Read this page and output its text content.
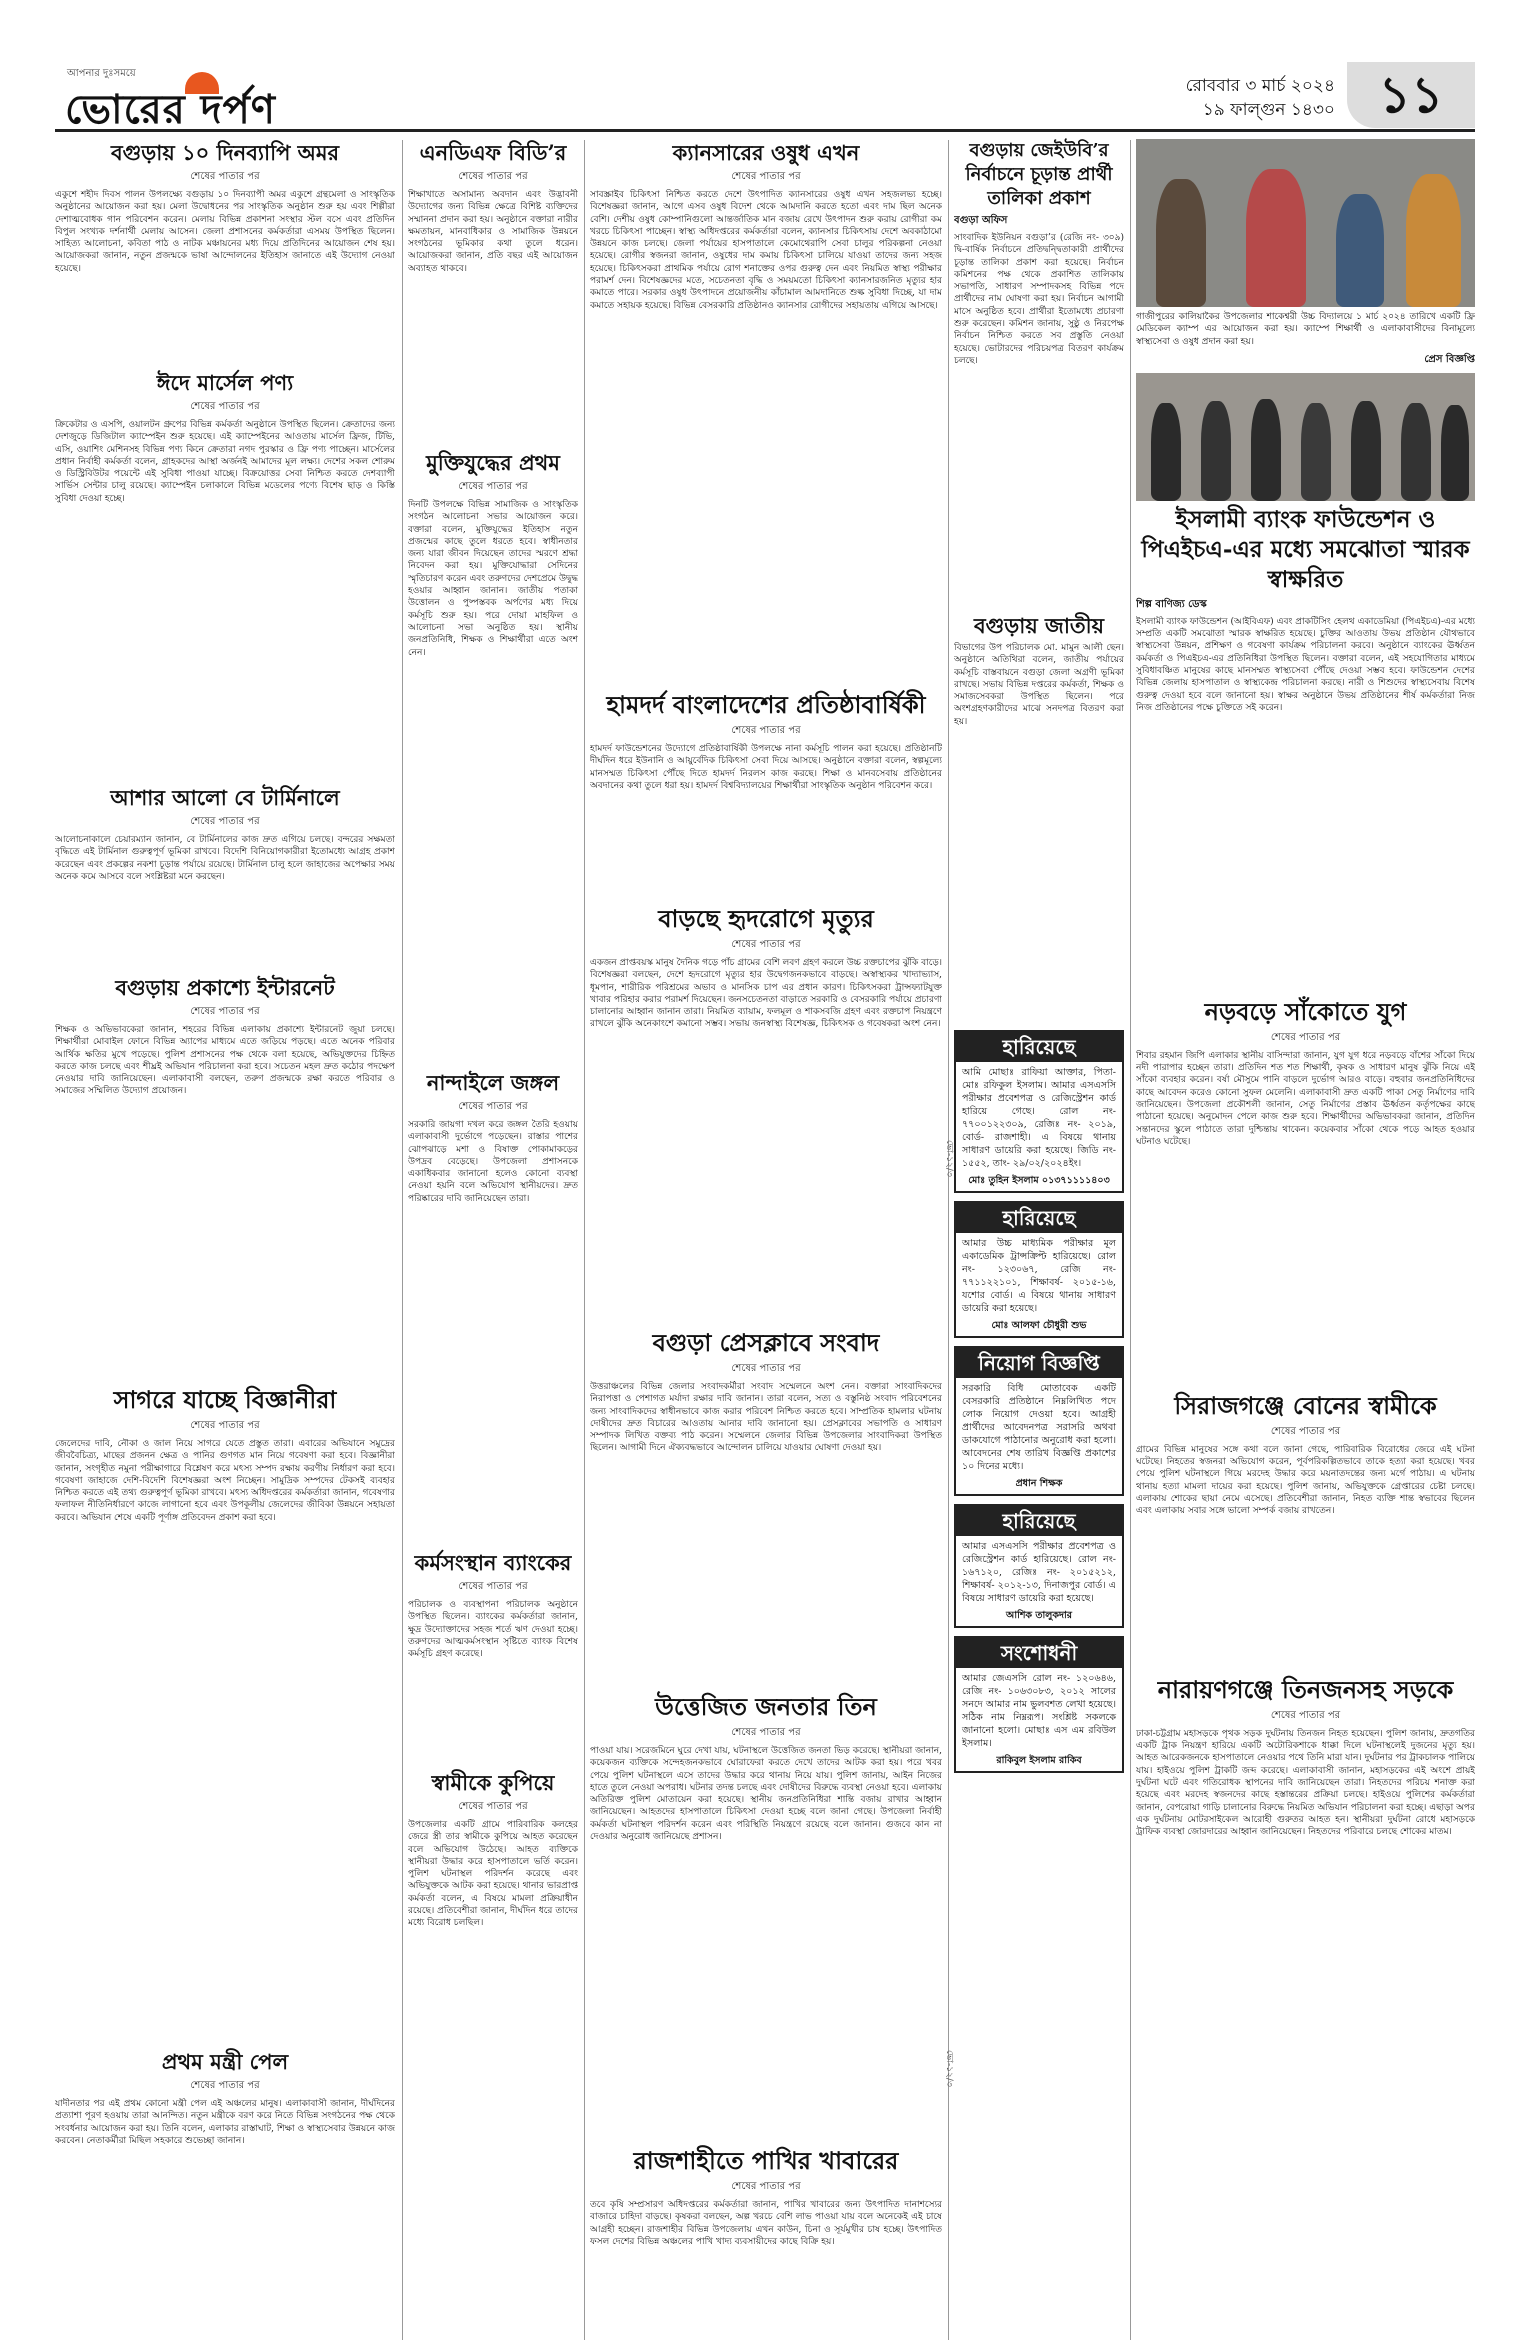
আপনার দুঃসময়ে
ভোরের দর্পণ	রোববার ৩ মার্চ ২০২৪
১৯ ফাল্গুন ১৪৩০ ১১
বগুড়ায় ১০ দিনব্যাপি অমর
শেষের পাতার পর
একুশে শহীদ দিবস পালন উপলক্ষ্যে বগুড়ায় ১০ দিনব্যাপী অমর একুশে গ্রন্থমেলা ও সাংস্কৃতিক অনুষ্ঠানের আয়োজন করা হয়। মেলা উদ্বোধনের পর সাংস্কৃতিক অনুষ্ঠান শুরু হয় এবং শিল্পীরা দেশাত্মবোধক গান পরিবেশন করেন। মেলায় বিভিন্ন প্রকাশনা সংস্থার স্টল বসে এবং প্রতিদিন বিপুল সংখ্যক দর্শনার্থী মেলায় আসেন। জেলা প্রশাসনের কর্মকর্তারা এসময় উপস্থিত ছিলেন। সাহিত্য আলোচনা, কবিতা পাঠ ও নাটক মঞ্চায়নের মধ্য দিয়ে প্রতিদিনের আয়োজন শেষ হয়। আয়োজকরা জানান, নতুন প্রজন্মকে ভাষা আন্দোলনের ইতিহাস জানাতে এই উদ্যোগ নেওয়া হয়েছে।
ঈদে মার্সেল পণ্য
শেষের পাতার পর
ক্রিকেটার ও এসপি, ওয়ালটন গ্রুপের বিভিন্ন কর্মকর্তা অনুষ্ঠানে উপস্থিত ছিলেন। ক্রেতাদের জন্য দেশজুড়ে ডিজিটাল ক্যাম্পেইন শুরু হয়েছে। এই ক্যাম্পেইনের আওতায় মার্সেল ফ্রিজ, টিভি, এসি, ওয়াশিং মেশিনসহ বিভিন্ন পণ্য কিনে ক্রেতারা নগদ পুরস্কার ও ফ্রি পণ্য পাচ্ছেন। মার্সেলের প্রধান নির্বাহী কর্মকর্তা বলেন, গ্রাহকদের আস্থা অর্জনই আমাদের মূল লক্ষ্য। দেশের সকল শোরুম ও ডিস্ট্রিবিউটর পয়েন্টে এই সুবিধা পাওয়া যাচ্ছে। বিক্রয়োত্তর সেবা নিশ্চিত করতে দেশব্যাপী সার্ভিস সেন্টার চালু রয়েছে। ক্যাম্পেইন চলাকালে বিভিন্ন মডেলের পণ্যে বিশেষ ছাড় ও কিস্তি সুবিধা দেওয়া হচ্ছে।
আশার আলো বে টার্মিনালে
শেষের পাতার পর
আলোচনাকালে চেয়ারম্যান জানান, বে টার্মিনালের কাজ দ্রুত এগিয়ে চলছে। বন্দরের সক্ষমতা বৃদ্ধিতে এই টার্মিনাল গুরুত্বপূর্ণ ভূমিকা রাখবে। বিদেশি বিনিয়োগকারীরা ইতোমধ্যে আগ্রহ প্রকাশ করেছেন এবং প্রকল্পের নকশা চূড়ান্ত পর্যায়ে রয়েছে। টার্মিনাল চালু হলে জাহাজের অপেক্ষার সময় অনেক কমে আসবে বলে সংশ্লিষ্টরা মনে করছেন।
বগুড়ায় প্রকাশ্যে ইন্টারনেট
শেষের পাতার পর
শিক্ষক ও অভিভাবকেরা জানান, শহরের বিভিন্ন এলাকায় প্রকাশ্যে ইন্টারনেট জুয়া চলছে। শিক্ষার্থীরা মোবাইল ফোনে বিভিন্ন অ্যাপের মাধ্যমে এতে জড়িয়ে পড়ছে। এতে অনেক পরিবার আর্থিক ক্ষতির মুখে পড়েছে। পুলিশ প্রশাসনের পক্ষ থেকে বলা হয়েছে, অভিযুক্তদের চিহ্নিত করতে কাজ চলছে এবং শীঘ্রই অভিযান পরিচালনা করা হবে। সচেতন মহল দ্রুত কঠোর পদক্ষেপ নেওয়ার দাবি জানিয়েছেন। এলাকাবাসী বলছেন, তরুণ প্রজন্মকে রক্ষা করতে পরিবার ও সমাজের সম্মিলিত উদ্যোগ প্রয়োজন।
সাগরে যাচ্ছে বিজ্ঞানীরা
শেষের পাতার পর
জেলেদের দাবি, নৌকা ও জাল নিয়ে সাগরে যেতে প্রস্তুত তারা। এবারের অভিযানে সমুদ্রের জীববৈচিত্র্য, মাছের প্রজনন ক্ষেত্র ও পানির গুণগত মান নিয়ে গবেষণা করা হবে। বিজ্ঞানীরা জানান, সংগৃহীত নমুনা পরীক্ষাগারে বিশ্লেষণ করে মৎস্য সম্পদ রক্ষায় করণীয় নির্ধারণ করা হবে। গবেষণা জাহাজে দেশি-বিদেশি বিশেষজ্ঞরা অংশ নিচ্ছেন। সামুদ্রিক সম্পদের টেকসই ব্যবহার নিশ্চিত করতে এই তথ্য গুরুত্বপূর্ণ ভূমিকা রাখবে। মৎস্য অধিদপ্তরের কর্মকর্তারা জানান, গবেষণার ফলাফল নীতিনির্ধারণে কাজে লাগানো হবে এবং উপকূলীয় জেলেদের জীবিকা উন্নয়নে সহায়তা করবে। অভিযান শেষে একটি পূর্ণাঙ্গ প্রতিবেদন প্রকাশ করা হবে।
প্রথম মন্ত্রী পেল
শেষের পাতার পর
যাদীনতার পর এই প্রথম কোনো মন্ত্রী পেল এই অঞ্চলের মানুষ। এলাকাবাসী জানান, দীর্ঘদিনের প্রত্যাশা পূরণ হওয়ায় তারা আনন্দিত। নতুন মন্ত্রীকে বরণ করে নিতে বিভিন্ন সংগঠনের পক্ষ থেকে সংবর্ধনার আয়োজন করা হয়। তিনি বলেন, এলাকার রাস্তাঘাট, শিক্ষা ও স্বাস্থ্যসেবার উন্নয়নে কাজ করবেন। নেতাকর্মীরা মিছিল সহকারে শুভেচ্ছা জানান।
এনডিএফ বিডি’র
শেষের পাতার পর
শিক্ষাখাতে অসামান্য অবদান এবং উদ্ভাবনী উদ্যোগের জন্য বিভিন্ন ক্ষেত্রে বিশিষ্ট ব্যক্তিদের সম্মাননা প্রদান করা হয়। অনুষ্ঠানে বক্তারা নারীর ক্ষমতায়ন, মানবাধিকার ও সামাজিক উন্নয়নে সংগঠনের ভূমিকার কথা তুলে ধরেন। আয়োজকরা জানান, প্রতি বছর এই আয়োজন অব্যাহত থাকবে।
মুক্তিযুদ্ধের প্রথম
শেষের পাতার পর
দিনটি উপলক্ষে বিভিন্ন সামাজিক ও সাংস্কৃতিক সংগঠন আলোচনা সভার আয়োজন করে। বক্তারা বলেন, মুক্তিযুদ্ধের ইতিহাস নতুন প্রজন্মের কাছে তুলে ধরতে হবে। স্বাধীনতার জন্য যারা জীবন দিয়েছেন তাদের স্মরণে শ্রদ্ধা নিবেদন করা হয়। মুক্তিযোদ্ধারা সেদিনের স্মৃতিচারণ করেন এবং তরুণদের দেশপ্রেমে উদ্বুদ্ধ হওয়ার আহ্বান জানান। জাতীয় পতাকা উত্তোলন ও পুষ্পস্তবক অর্পণের মধ্য দিয়ে কর্মসূচি শুরু হয়। পরে দোয়া মাহফিল ও আলোচনা সভা অনুষ্ঠিত হয়। স্থানীয় জনপ্রতিনিধি, শিক্ষক ও শিক্ষার্থীরা এতে অংশ নেন।
নান্দাইলে জঙ্গল
শেষের পাতার পর
সরকারি জায়গা দখল করে জঙ্গল তৈরি হওয়ায় এলাকাবাসী দুর্ভোগে পড়েছেন। রাস্তার পাশের ঝোপঝাড়ে মশা ও বিষাক্ত পোকামাকড়ের উপদ্রব বেড়েছে। উপজেলা প্রশাসনকে একাধিকবার জানানো হলেও কোনো ব্যবস্থা নেওয়া হয়নি বলে অভিযোগ স্থানীয়দের। দ্রুত পরিষ্কারের দাবি জানিয়েছেন তারা।
কর্মসংস্থান ব্যাংকের
শেষের পাতার পর
পরিচালক ও ব্যবস্থাপনা পরিচালক অনুষ্ঠানে উপস্থিত ছিলেন। ব্যাংকের কর্মকর্তারা জানান, ক্ষুদ্র উদ্যোক্তাদের সহজ শর্তে ঋণ দেওয়া হচ্ছে। তরুণদের আত্মকর্মসংস্থান সৃষ্টিতে ব্যাংক বিশেষ কর্মসূচি গ্রহণ করেছে।
স্বামীকে কুপিয়ে
শেষের পাতার পর
উপজেলার একটি গ্রামে পারিবারিক কলহের জেরে স্ত্রী তার স্বামীকে কুপিয়ে আহত করেছেন বলে অভিযোগ উঠেছে। আহত ব্যক্তিকে স্থানীয়রা উদ্ধার করে হাসপাতালে ভর্তি করেন। পুলিশ ঘটনাস্থল পরিদর্শন করেছে এবং অভিযুক্তকে আটক করা হয়েছে। থানার ভারপ্রাপ্ত কর্মকর্তা বলেন, এ বিষয়ে মামলা প্রক্রিয়াধীন রয়েছে। প্রতিবেশীরা জানান, দীর্ঘদিন ধরে তাদের মধ্যে বিরোধ চলছিল।
ক্যানসারের ওষুধ এখন
শেষের পাতার পর
সাবস্ক্রাইব চিকিৎসা নিশ্চিত করতে দেশে উৎপাদিত ক্যানসারের ওষুধ এখন সহজলভ্য হচ্ছে। বিশেষজ্ঞরা জানান, আগে এসব ওষুধ বিদেশ থেকে আমদানি করতে হতো এবং দাম ছিল অনেক বেশি। দেশীয় ওষুধ কোম্পানিগুলো আন্তর্জাতিক মান বজায় রেখে উৎপাদন শুরু করায় রোগীরা কম খরচে চিকিৎসা পাচ্ছেন। স্বাস্থ্য অধিদপ্তরের কর্মকর্তারা বলেন, ক্যানসার চিকিৎসায় দেশে অবকাঠামো উন্নয়নে কাজ চলছে। জেলা পর্যায়ের হাসপাতালে কেমোথেরাপি সেবা চালুর পরিকল্পনা নেওয়া হয়েছে। রোগীর স্বজনরা জানান, ওষুধের দাম কমায় চিকিৎসা চালিয়ে যাওয়া তাদের জন্য সহজ হয়েছে। চিকিৎসকরা প্রাথমিক পর্যায়ে রোগ শনাক্তের ওপর গুরুত্ব দেন এবং নিয়মিত স্বাস্থ্য পরীক্ষার পরামর্শ দেন। বিশেষজ্ঞদের মতে, সচেতনতা বৃদ্ধি ও সময়মতো চিকিৎসা ক্যানসারজনিত মৃত্যুর হার কমাতে পারে। সরকার ওষুধ উৎপাদনে প্রয়োজনীয় কাঁচামাল আমদানিতে শুল্ক সুবিধা দিচ্ছে, যা দাম কমাতে সহায়ক হয়েছে। বিভিন্ন বেসরকারি প্রতিষ্ঠানও ক্যানসার রোগীদের সহায়তায় এগিয়ে আসছে।
হামদর্দ বাংলাদেশের প্রতিষ্ঠাবার্ষিকী
শেষের পাতার পর
হামদর্দ ফাউন্ডেশনের উদ্যোগে প্রতিষ্ঠাবার্ষিকী উপলক্ষে নানা কর্মসূচি পালন করা হয়েছে। প্রতিষ্ঠানটি দীর্ঘদিন ধরে ইউনানি ও আয়ুর্বেদিক চিকিৎসা সেবা দিয়ে আসছে। অনুষ্ঠানে বক্তারা বলেন, স্বল্পমূল্যে মানসম্মত চিকিৎসা পৌঁছে দিতে হামদর্দ নিরলস কাজ করছে। শিক্ষা ও মানবসেবায় প্রতিষ্ঠানের অবদানের কথা তুলে ধরা হয়। হামদর্দ বিশ্ববিদ্যালয়ের শিক্ষার্থীরা সাংস্কৃতিক অনুষ্ঠান পরিবেশন করে।
বাড়ছে হৃদরোগে মৃত্যুর
শেষের পাতার পর
একজন প্রাপ্তবয়স্ক মানুষ দৈনিক গড়ে পাঁচ গ্রামের বেশি লবণ গ্রহণ করলে উচ্চ রক্তচাপের ঝুঁকি বাড়ে। বিশেষজ্ঞরা বলছেন, দেশে হৃদরোগে মৃত্যুর হার উদ্বেগজনকভাবে বাড়ছে। অস্বাস্থ্যকর খাদ্যাভ্যাস, ধূমপান, শারীরিক পরিশ্রমের অভাব ও মানসিক চাপ এর প্রধান কারণ। চিকিৎসকরা ট্রান্সফ্যাটযুক্ত খাবার পরিহার করার পরামর্শ দিয়েছেন। জনসচেতনতা বাড়াতে সরকারি ও বেসরকারি পর্যায়ে প্রচারণা চালানোর আহ্বান জানান তারা। নিয়মিত ব্যায়াম, ফলমূল ও শাকসবজি গ্রহণ এবং রক্তচাপ নিয়ন্ত্রণে রাখলে ঝুঁকি অনেকাংশে কমানো সম্ভব। সভায় জনস্বাস্থ্য বিশেষজ্ঞ, চিকিৎসক ও গবেষকরা অংশ নেন।
বগুড়া প্রেসক্লাবে সংবাদ
শেষের পাতার পর
উত্তরাঞ্চলের বিভিন্ন জেলার সংবাদকর্মীরা সংবাদ সম্মেলনে অংশ নেন। বক্তারা সাংবাদিকদের নিরাপত্তা ও পেশাগত মর্যাদা রক্ষার দাবি জানান। তারা বলেন, সত্য ও বস্তুনিষ্ঠ সংবাদ পরিবেশনের জন্য সাংবাদিকদের স্বাধীনভাবে কাজ করার পরিবেশ নিশ্চিত করতে হবে। সাম্প্রতিক হামলার ঘটনায় দোষীদের দ্রুত বিচারের আওতায় আনার দাবি জানানো হয়। প্রেসক্লাবের সভাপতি ও সাধারণ সম্পাদক লিখিত বক্তব্য পাঠ করেন। সম্মেলনে জেলার বিভিন্ন উপজেলার সাংবাদিকরা উপস্থিত ছিলেন। আগামী দিনে ঐক্যবদ্ধভাবে আন্দোলন চালিয়ে যাওয়ার ঘোষণা দেওয়া হয়।
উত্তেজিত জনতার তিন
শেষের পাতার পর
পাওয়া যায়। সরেজমিনে ঘুরে দেখা যায়, ঘটনাস্থলে উত্তেজিত জনতা ভিড় করেছে। স্থানীয়রা জানান, কয়েকজন ব্যক্তিকে সন্দেহজনকভাবে ঘোরাফেরা করতে দেখে তাদের আটক করা হয়। পরে খবর পেয়ে পুলিশ ঘটনাস্থলে এসে তাদের উদ্ধার করে থানায় নিয়ে যায়। পুলিশ জানায়, আইন নিজের হাতে তুলে নেওয়া অপরাধ। ঘটনার তদন্ত চলছে এবং দোষীদের বিরুদ্ধে ব্যবস্থা নেওয়া হবে। এলাকায় অতিরিক্ত পুলিশ মোতায়েন করা হয়েছে। স্থানীয় জনপ্রতিনিধিরা শান্তি বজায় রাখার আহ্বান জানিয়েছেন। আহতদের হাসপাতালে চিকিৎসা দেওয়া হচ্ছে বলে জানা গেছে। উপজেলা নির্বাহী কর্মকর্তা ঘটনাস্থল পরিদর্শন করেন এবং পরিস্থিতি নিয়ন্ত্রণে রয়েছে বলে জানান। গুজবে কান না দেওয়ার অনুরোধ জানিয়েছে প্রশাসন।
রাজশাহীতে পাখির খাবারের
শেষের পাতার পর
তবে কৃষি সম্প্রসারণ অধিদপ্তরের কর্মকর্তারা জানান, পাখির খাবারের জন্য উৎপাদিত দানাশস্যের বাজারে চাহিদা বাড়ছে। কৃষকরা বলছেন, অল্প খরচে বেশি লাভ পাওয়া যায় বলে অনেকেই এই চাষে আগ্রহী হচ্ছেন। রাজশাহীর বিভিন্ন উপজেলায় এখন কাউন, চিনা ও সূর্যমুখীর চাষ হচ্ছে। উৎপাদিত ফসল দেশের বিভিন্ন অঞ্চলের পাখি খাদ্য ব্যবসায়ীদের কাছে বিক্রি হয়।
বগুড়ায় জেইউবি’র নির্বাচনে চূড়ান্ত প্রার্থী তালিকা প্রকাশ
বগুড়া অফিস
সাংবাদিক ইউনিয়ন বগুড়া’র (রেজি নং- ৩০৯) দ্বি-বার্ষিক নির্বাচনে প্রতিদ্বন্দ্বিতাকারী প্রার্থীদের চূড়ান্ত তালিকা প্রকাশ করা হয়েছে। নির্বাচন কমিশনের পক্ষ থেকে প্রকাশিত তালিকায় সভাপতি, সাধারণ সম্পাদকসহ বিভিন্ন পদে প্রার্থীদের নাম ঘোষণা করা হয়। নির্বাচন আগামী মাসে অনুষ্ঠিত হবে। প্রার্থীরা ইতোমধ্যে প্রচারণা শুরু করেছেন। কমিশন জানায়, সুষ্ঠু ও নিরপেক্ষ নির্বাচন নিশ্চিত করতে সব প্রস্তুতি নেওয়া হয়েছে। ভোটারদের পরিচয়পত্র বিতরণ কার্যক্রম চলছে।
বগুড়ায় জাতীয়
বিভাগের উপ পরিচালক মো. মামুন আলী ছেন। অনুষ্ঠানে অতিথিরা বলেন, জাতীয় পর্যায়ের কর্মসূচি বাস্তবায়নে বগুড়া জেলা অগ্রণী ভূমিকা রাখছে। সভায় বিভিন্ন দপ্তরের কর্মকর্তা, শিক্ষক ও সমাজসেবকরা উপস্থিত ছিলেন। পরে অংশগ্রহণকারীদের মাঝে সনদপত্র বিতরণ করা হয়।
হারিয়েছে
আমি মোছাঃ রাফিয়া আক্তার, পিতা- মোঃ রফিকুল ইসলাম। আমার এসএসসি পরীক্ষার প্রবেশপত্র ও রেজিস্ট্রেশন কার্ড হারিয়ে গেছে। রোল নং- ৭৭০০১২২৩০৯, রেজিঃ নং- ২০১৯, বোর্ড- রাজশাহী। এ বিষয়ে থানায় সাধারণ ডায়েরি করা হয়েছে। জিডি নং- ১৫৫২, তাং- ২৯/০২/২০২৪ইং।
মোঃ তুহিন ইসলাম ০১৩৭১১১১৪০৩
হারিয়েছে
আমার উচ্চ মাধ্যমিক পরীক্ষার মূল একাডেমিক ট্রান্সক্রিপ্ট হারিয়েছে। রোল নং- ১২৩০৬৭, রেজি নং- ৭৭১১২২১০১, শিক্ষাবর্ষ- ২০১৫-১৬, যশোর বোর্ড। এ বিষয়ে থানায় সাধারণ ডায়েরি করা হয়েছে।
মোঃ আলফা চৌধুরী শুভ
নিয়োগ বিজ্ঞপ্তি
সরকারি বিধি মোতাবেক একটি বেসরকারি প্রতিষ্ঠানে নিম্নলিখিত পদে লোক নিয়োগ দেওয়া হবে। আগ্রহী প্রার্থীদের আবেদনপত্র সরাসরি অথবা ডাকযোগে পাঠানোর অনুরোধ করা হলো। আবেদনের শেষ তারিখ বিজ্ঞপ্তি প্রকাশের ১০ দিনের মধ্যে।
প্রধান শিক্ষক
হারিয়েছে
আমার এসএসসি পরীক্ষার প্রবেশপত্র ও রেজিস্ট্রেশন কার্ড হারিয়েছে। রোল নং- ১৬৭১২০, রেজিঃ নং- ২০১৫২১২, শিক্ষাবর্ষ- ২০১২-১৩, দিনাজপুর বোর্ড। এ বিষয়ে সাধারণ ডায়েরি করা হয়েছে।
আশিক তালুকদার
সংশোধনী
আমার জেএসসি রোল নং- ১২০৬৪৬, রেজি নং- ১০৬৩০৮৩, ২০১২ সালের সনদে আমার নাম ভুলবশত লেখা হয়েছে। সঠিক নাম নিম্নরূপ। সংশ্লিষ্ট সকলকে জানানো হলো। মোছাঃ এস এম রবিউল ইসলাম।
রাকিবুল ইসলাম রাকিব
গাজীপুরের কালিয়াকৈর উপজেলার শাকেশ্বরী উচ্চ বিদ্যালয়ে ১ মার্চ ২০২৪ তারিখে একটি ফ্রি মেডিকেল ক্যাম্প এর আয়োজন করা হয়। ক্যাম্পে শিক্ষার্থী ও এলাকাবাসীদের বিনামূল্যে স্বাস্থ্যসেবা ও ওষুধ প্রদান করা হয়।
প্রেস বিজ্ঞপ্তি
ইসলামী ব্যাংক ফাউন্ডেশন ও পিএইচএ-এর মধ্যে সমঝোতা স্মারক স্বাক্ষরিত
শিল্প বাণিজ্য ডেস্ক
ইসলামী ব্যাংক ফাউন্ডেশন (আইবিএফ) এবং প্রাকটিসিং হেলথ একাডেমিয়া (পিএইচএ)-এর মধ্যে সম্প্রতি একটি সমঝোতা স্মারক স্বাক্ষরিত হয়েছে। চুক্তির আওতায় উভয় প্রতিষ্ঠান যৌথভাবে স্বাস্থ্যসেবা উন্নয়ন, প্রশিক্ষণ ও গবেষণা কার্যক্রম পরিচালনা করবে। অনুষ্ঠানে ব্যাংকের ঊর্ধ্বতন কর্মকর্তা ও পিএইচএ-এর প্রতিনিধিরা উপস্থিত ছিলেন। বক্তারা বলেন, এই সহযোগিতার মাধ্যমে সুবিধাবঞ্চিত মানুষের কাছে মানসম্মত স্বাস্থ্যসেবা পৌঁছে দেওয়া সম্ভব হবে। ফাউন্ডেশন দেশের বিভিন্ন জেলায় হাসপাতাল ও স্বাস্থ্যকেন্দ্র পরিচালনা করছে। নারী ও শিশুদের স্বাস্থ্যসেবায় বিশেষ গুরুত্ব দেওয়া হবে বলে জানানো হয়। স্বাক্ষর অনুষ্ঠানে উভয় প্রতিষ্ঠানের শীর্ষ কর্মকর্তারা নিজ নিজ প্রতিষ্ঠানের পক্ষে চুক্তিতে সই করেন।
নড়বড়ে সাঁকোতে যুগ
শেষের পাতার পর
শিবার রহমান জিপি এলাকার স্থানীয় বাসিন্দারা জানান, যুগ যুগ ধরে নড়বড়ে বাঁশের সাঁকো দিয়ে নদী পারাপার হচ্ছেন তারা। প্রতিদিন শত শত শিক্ষার্থী, কৃষক ও সাধারণ মানুষ ঝুঁকি নিয়ে এই সাঁকো ব্যবহার করেন। বর্ষা মৌসুমে পানি বাড়লে দুর্ভোগ আরও বাড়ে। বহুবার জনপ্রতিনিধিদের কাছে আবেদন করেও কোনো সুফল মেলেনি। এলাকাবাসী দ্রুত একটি পাকা সেতু নির্মাণের দাবি জানিয়েছেন। উপজেলা প্রকৌশলী জানান, সেতু নির্মাণের প্রস্তাব ঊর্ধ্বতন কর্তৃপক্ষের কাছে পাঠানো হয়েছে। অনুমোদন পেলে কাজ শুরু হবে। শিক্ষার্থীদের অভিভাবকরা জানান, প্রতিদিন সন্তানদের স্কুলে পাঠাতে তারা দুশ্চিন্তায় থাকেন। কয়েকবার সাঁকো থেকে পড়ে আহত হওয়ার ঘটনাও ঘটেছে।
সিরাজগঞ্জে বোনের স্বামীকে
শেষের পাতার পর
গ্রামের বিভিন্ন মানুষের সঙ্গে কথা বলে জানা গেছে, পারিবারিক বিরোধের জেরে এই ঘটনা ঘটেছে। নিহতের স্বজনরা অভিযোগ করেন, পূর্বপরিকল্পিতভাবে তাকে হত্যা করা হয়েছে। খবর পেয়ে পুলিশ ঘটনাস্থলে গিয়ে মরদেহ উদ্ধার করে ময়নাতদন্তের জন্য মর্গে পাঠায়। এ ঘটনায় থানায় হত্যা মামলা দায়ের করা হয়েছে। পুলিশ জানায়, অভিযুক্তকে গ্রেপ্তারের চেষ্টা চলছে। এলাকায় শোকের ছায়া নেমে এসেছে। প্রতিবেশীরা জানান, নিহত ব্যক্তি শান্ত স্বভাবের ছিলেন এবং এলাকায় সবার সঙ্গে ভালো সম্পর্ক বজায় রাখতেন।
নারায়ণগঞ্জে তিনজনসহ সড়কে
শেষের পাতার পর
ঢাকা-চট্টগ্রাম মহাসড়কে পৃথক সড়ক দুর্ঘটনায় তিনজন নিহত হয়েছেন। পুলিশ জানায়, দ্রুতগতির একটি ট্রাক নিয়ন্ত্রণ হারিয়ে একটি অটোরিকশাকে ধাক্কা দিলে ঘটনাস্থলেই দুজনের মৃত্যু হয়। আহত আরেকজনকে হাসপাতালে নেওয়ার পথে তিনি মারা যান। দুর্ঘটনার পর ট্রাকচালক পালিয়ে যায়। হাইওয়ে পুলিশ ট্রাকটি জব্দ করেছে। এলাকাবাসী জানান, মহাসড়কের এই অংশে প্রায়ই দুর্ঘটনা ঘটে এবং গতিরোধক স্থাপনের দাবি জানিয়েছেন তারা। নিহতদের পরিচয় শনাক্ত করা হয়েছে এবং মরদেহ স্বজনদের কাছে হস্তান্তরের প্রক্রিয়া চলছে। হাইওয়ে পুলিশের কর্মকর্তারা জানান, বেপরোয়া গাড়ি চালানোর বিরুদ্ধে নিয়মিত অভিযান পরিচালনা করা হচ্ছে। এছাড়া অপর এক দুর্ঘটনায় মোটরসাইকেল আরোহী গুরুতর আহত হন। স্থানীয়রা দুর্ঘটনা রোধে মহাসড়কে ট্রাফিক ব্যবস্থা জোরদারের আহ্বান জানিয়েছেন। নিহতদের পরিবারে চলছে শোকের মাতম।
ভো-১২/৩
ভো-১২/৩
